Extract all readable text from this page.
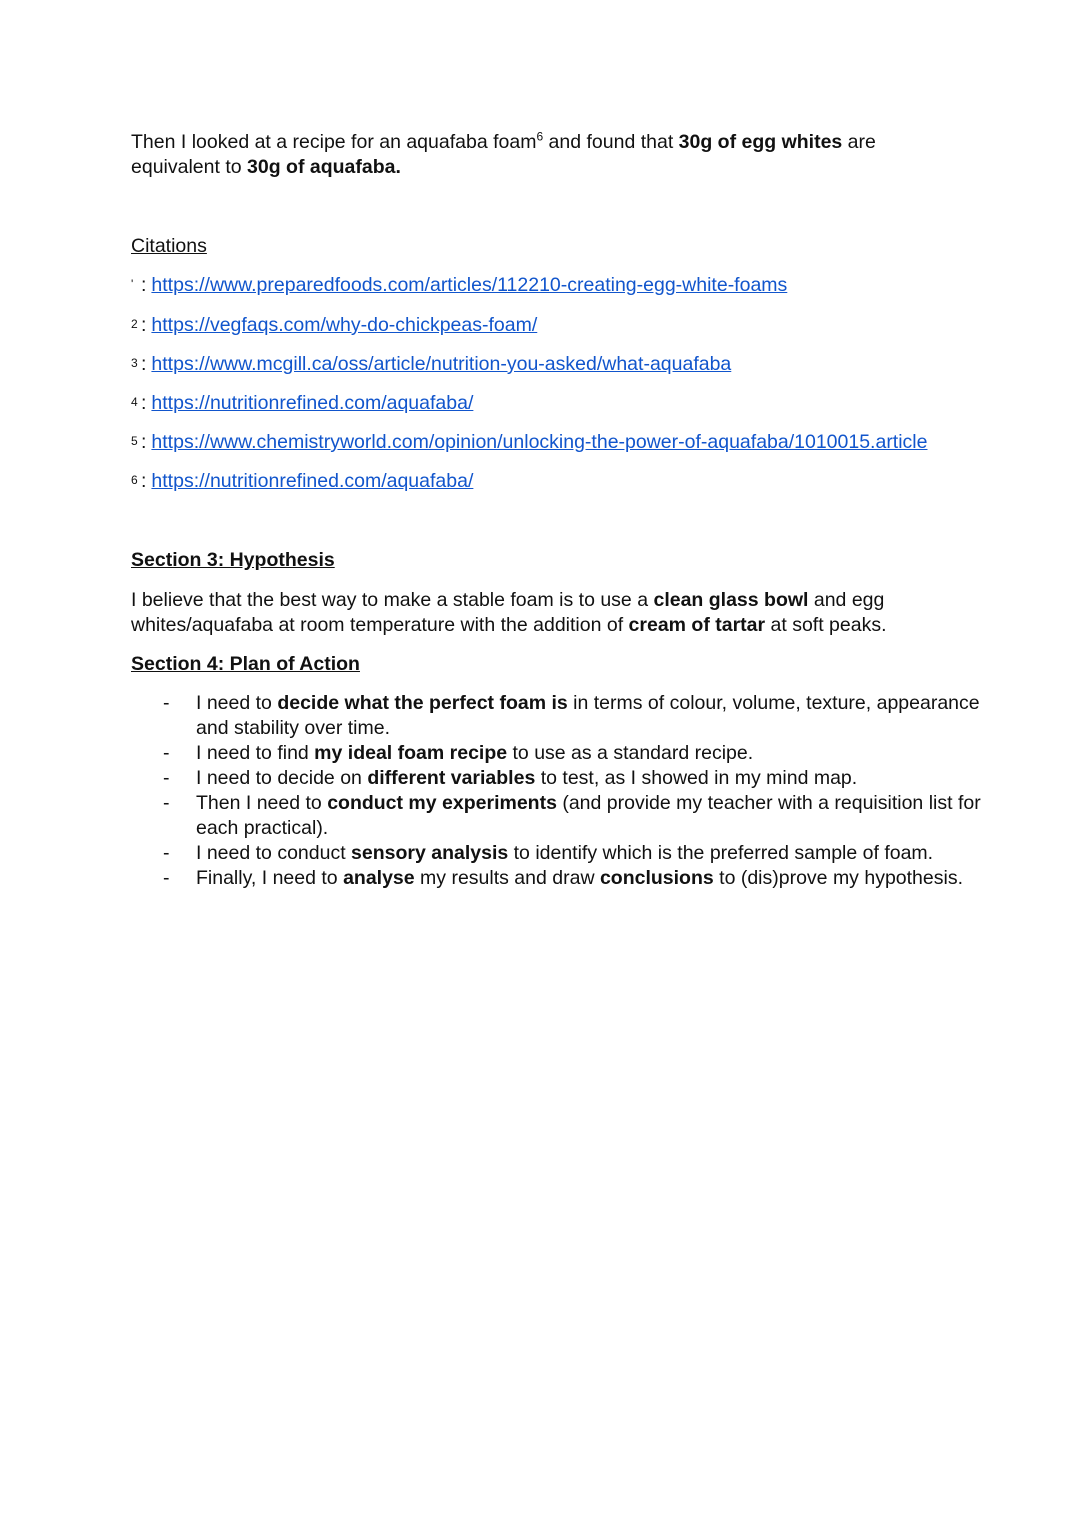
Then I looked at a recipe for an aquafaba foam$^6$ and found that 30g of egg whites are equivalent to 30g of aquafaba.

Citations
' : https://www.preparedfoods.com/articles/112210-creating-egg-white-foams
2 : https://vegfaqs.com/why-do-chickpeas-foam/
3 : https://www.mcgill.ca/oss/article/nutrition-you-asked/what-aquafaba
4 : https://nutritionrefined.com/aquafaba/
5 : https://www.chemistryworld.com/opinion/unlocking-the-power-of-aquafaba/1010015.article
6 : https://nutritionrefined.com/aquafaba/
Section 3: Hypothesis

I believe that the best way to make a stable foam is to use a clean glass bowl and egg whites/aquafaba at room temperature with the addition of cream of tartar at soft peaks.

Section 4: Plan of Action
- I need to decide what the perfect foam is in terms of colour, volume, texture, appearance and stability over time.
- I need to find my ideal foam recipe to use as a standard recipe.
- I need to decide on different variables to test, as I showed in my mind map.
- Then I need to conduct my experiments (and provide my teacher with a requisition list for each practical).
- I need to conduct sensory analysis to identify which is the preferred sample of foam.
- Finally, I need to analyse my results and draw conclusions to (dis)prove my hypothesis.
